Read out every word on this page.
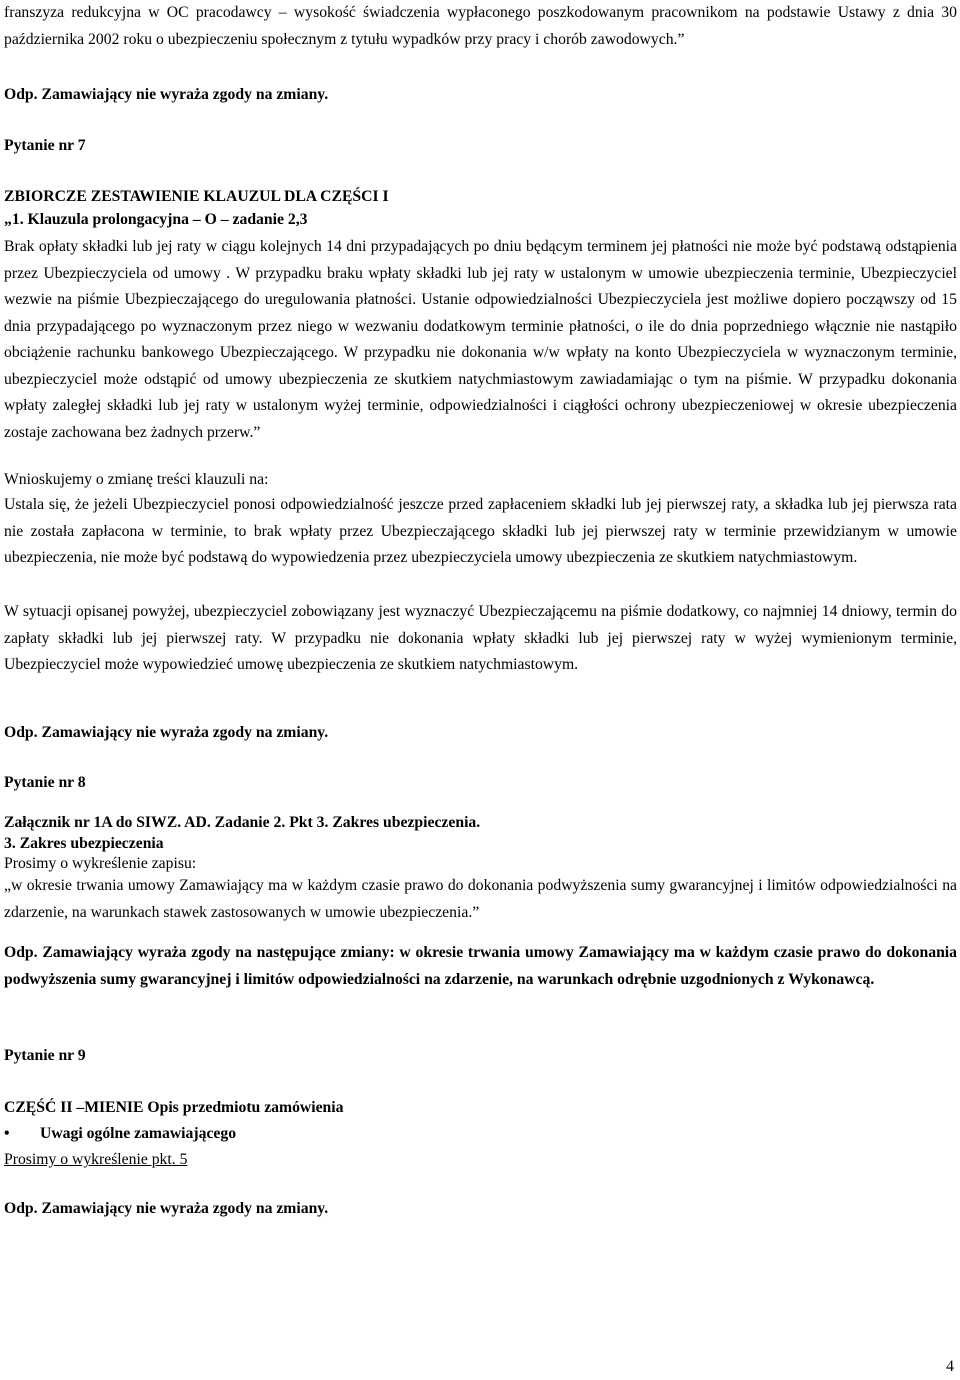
franszyza redukcyjna w OC pracodawcy – wysokość świadczenia wypłaconego poszkodowanym pracownikom na podstawie Ustawy z dnia 30 października 2002 roku o ubezpieczeniu społecznym z tytułu wypadków przy pracy i chorób zawodowych.”

Odp. Zamawiający nie wyraża zgody na zmiany.

Pytanie nr 7

ZBIORCZE ZESTAWIENIE KLAUZUL DLA CZĘŚCI I

„1. Klauzula prolongacyjna – O – zadanie 2,3

Brak opłaty składki lub jej raty w ciągu kolejnych 14 dni przypadających po dniu będącym terminem jej płatności nie może być podstawą odstąpienia przez Ubezpieczyciela od umowy . W przypadku braku wpłaty składki lub jej raty w ustalonym w umowie ubezpieczenia terminie, Ubezpieczyciel wezwie na piśmie Ubezpieczającego do uregulowania płatności. Ustanie odpowiedzialności Ubezpieczyciela jest możliwe dopiero począwszy od 15 dnia przypadającego po wyznaczonym przez niego w wezwaniu dodatkowym terminie płatności, o ile do dnia poprzedniego włącznie nie nastąpiło obciążenie rachunku bankowego Ubezpieczającego. W przypadku nie dokonania w/w wpłaty na konto Ubezpieczyciela w wyznaczonym terminie, ubezpieczyciel może odstąpić od umowy ubezpieczenia ze skutkiem natychmiastowym zawiadamiając o tym na piśmie. W przypadku dokonania wpłaty zaległej składki lub jej raty w ustalonym wyżej terminie, odpowiedzialności i ciągłości ochrony ubezpieczeniowej w okresie ubezpieczenia zostaje zachowana bez żadnych przerw.”

Wnioskujemy o zmianę treści klauzuli na:

Ustala się, że jeżeli Ubezpieczyciel ponosi odpowiedzialność jeszcze przed zapłaceniem składki lub jej pierwszej raty, a składka lub jej pierwsza rata nie została zapłacona w terminie, to brak wpłaty przez Ubezpieczającego składki lub jej pierwszej raty w terminie przewidzianym w umowie ubezpieczenia, nie może być podstawą do wypowiedzenia przez ubezpieczyciela umowy ubezpieczenia ze skutkiem natychmiastowym.

W sytuacji opisanej powyżej, ubezpieczyciel zobowiązany jest wyznaczyć Ubezpieczającemu na piśmie dodatkowy, co najmniej 14 dniowy, termin do zapłaty składki lub jej pierwszej raty. W przypadku nie dokonania wpłaty składki lub jej pierwszej raty w wyżej wymienionym terminie, Ubezpieczyciel może wypowiedzieć umowę ubezpieczenia ze skutkiem natychmiastowym.

Odp. Zamawiający nie wyraża zgody na zmiany.

Pytanie nr 8

Załącznik nr 1A do SIWZ. AD. Zadanie 2. Pkt 3. Zakres ubezpieczenia.

3. Zakres ubezpieczenia

Prosimy o wykreślenie zapisu:

„w okresie trwania umowy Zamawiający ma w każdym czasie prawo do dokonania podwyższenia sumy gwarancyjnej i limitów odpowiedzialności na zdarzenie, na warunkach stawek zastosowanych w umowie ubezpieczenia.”

Odp. Zamawiający wyraża zgody na następujące zmiany: w okresie trwania umowy Zamawiający ma w każdym czasie prawo do dokonania podwyższenia sumy gwarancyjnej i limitów odpowiedzialności na zdarzenie, na warunkach odrębnie uzgodnionych z Wykonawcą.

Pytanie nr 9

CZĘŚĆ II –MIENIE Opis przedmiotu zamówienia

• Uwagi ogólne zamawiającego

Prosimy o wykreślenie pkt. 5

Odp. Zamawiający nie wyraża zgody na zmiany.

4
